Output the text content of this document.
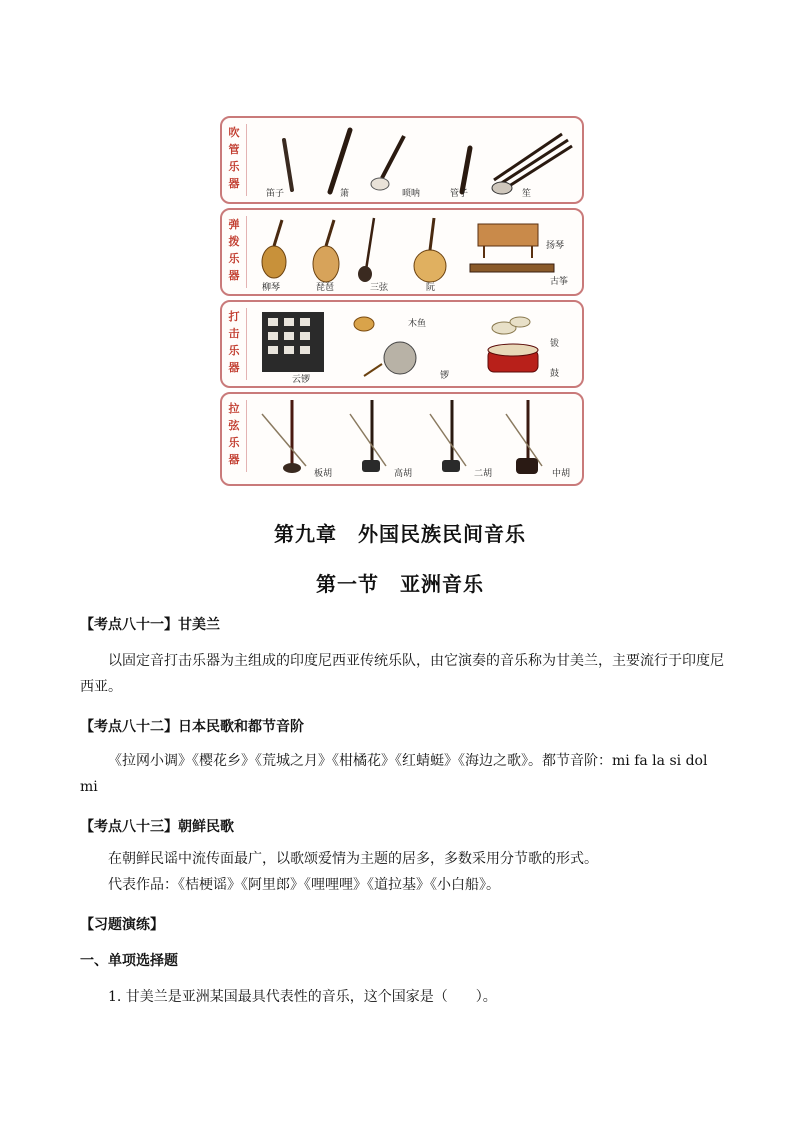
吹管乐器
笛子	箫	唢呐	管子	笙
弹拨乐器
柳琴	琵琶	三弦	阮
扬琴
古筝
打击乐器
云锣
木鱼
锣
钹
鼓
拉弦乐器
板胡	高胡	二胡	中胡
第九章　外国民族民间音乐
第一节　亚洲音乐
【考点八十一】甘美兰
以固定音打击乐器为主组成的印度尼西亚传统乐队，由它演奏的音乐称为甘美兰，主要流行于印度尼西亚。
【考点八十二】日本民歌和都节音阶
《拉网小调》《樱花乡》《荒城之月》《柑橘花》《红蜻蜓》《海边之歌》。都节音阶：mi fa la si dol mi
【考点八十三】朝鲜民歌
在朝鲜民谣中流传面最广，以歌颂爱情为主题的居多，多数采用分节歌的形式。
代表作品：《桔梗谣》《阿里郎》《哩哩哩》《道拉基》《小白船》。
【习题演练】
一、单项选择题
1. 甘美兰是亚洲某国最具代表性的音乐，这个国家是（　　）。
